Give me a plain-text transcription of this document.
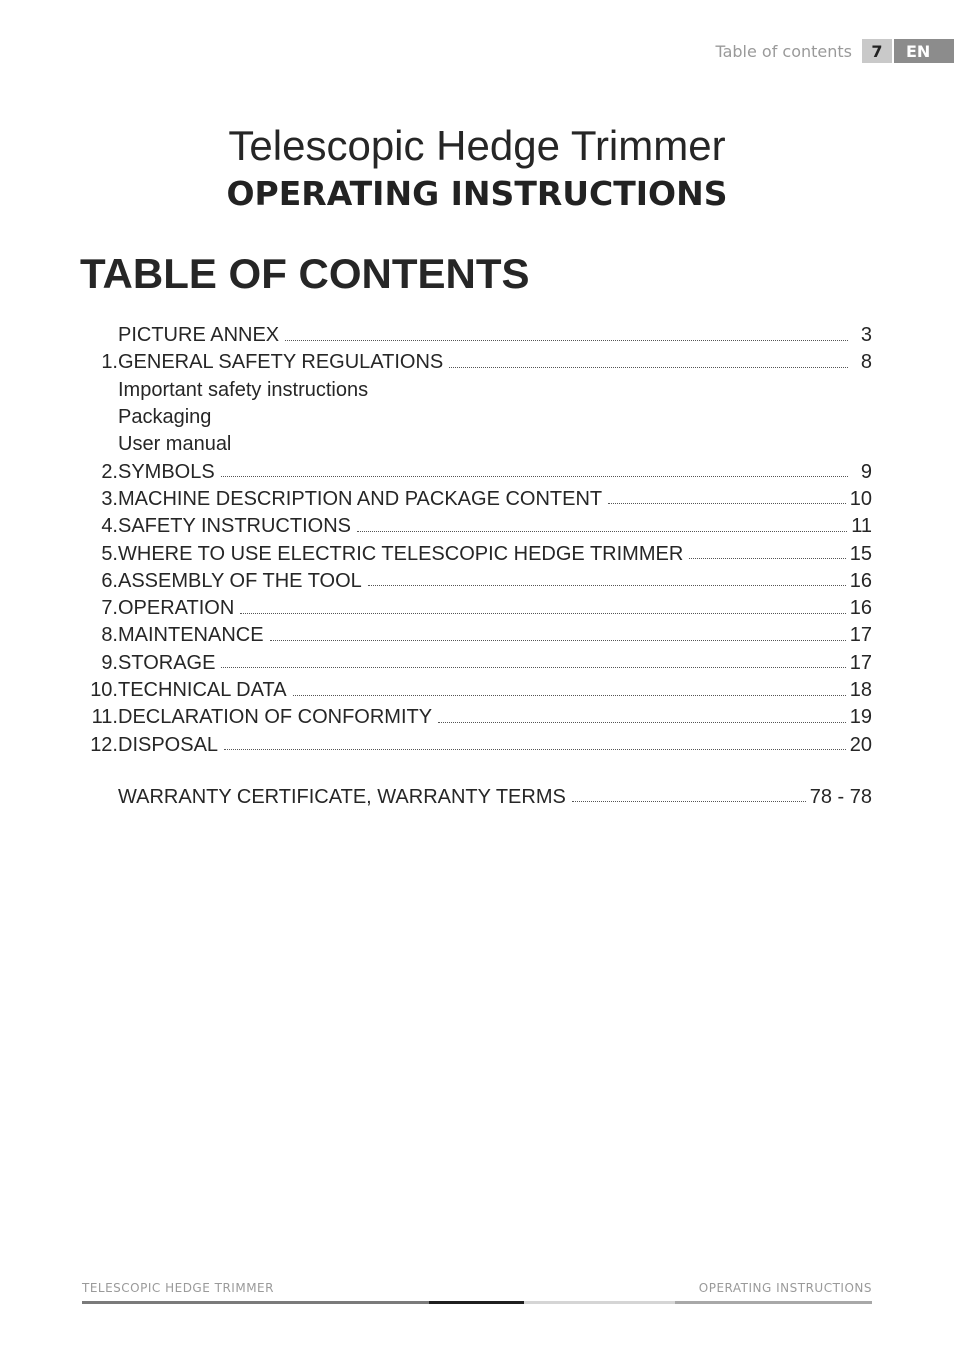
Table of contents	7	EN
Telescopic Hedge Trimmer
OPERATING INSTRUCTIONS
TABLE OF CONTENTS
PICTURE ANNEX	3
1. GENERAL SAFETY REGULATIONS	8
Important safety instructions
Packaging
User manual
2. SYMBOLS	9
3. MACHINE DESCRIPTION AND PACKAGE CONTENT	10
4. SAFETY INSTRUCTIONS	11
5. WHERE TO USE ELECTRIC TELESCOPIC HEDGE TRIMMER	15
6. ASSEMBLY OF THE TOOL	16
7. OPERATION	16
8. MAINTENANCE	17
9. STORAGE	17
10. TECHNICAL DATA	18
11. DECLARATION OF CONFORMITY	19
12. DISPOSAL	20
WARRANTY CERTIFICATE, WARRANTY TERMS	78 - 78
TELESCOPIC HEDGE TRIMMER	OPERATING INSTRUCTIONS
